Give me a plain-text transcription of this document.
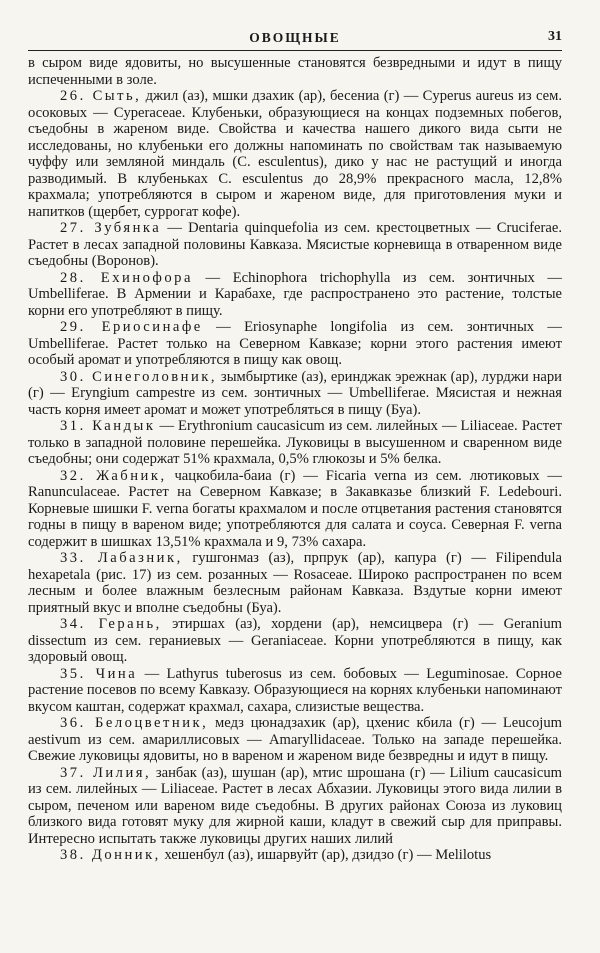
ОВОЩНЫЕ	31

в сыром виде ядовиты, но высушенные становятся безвредными и идут в пищу испеченными в золе.

26. Сыть, джил (аз), мшки дзахик (ар), бесениа (г) — Cyperus aureus из сем. осоковых — Cyperaceae. Клубеньки, образующиеся на концах подземных побегов, съедобны в жареном виде. Свойства и качества нашего дикого вида сыти не исследованы, но клубеньки его должны напоминать по свойствам так называемую чуффу или земляной миндаль (C. esculentus), дико у нас не растущий и иногда разводимый. В клубеньках C. esculentus до 28,9% прекрасного масла, 12,8% крахмала; употребляются в сыром и жареном виде, для приготовления муки и напитков (щербет, суррогат кофе).

27. Зубянка — Dentaria quinquefolia из сем. крестоцветных — Cruciferae. Растет в лесах западной половины Кавказа. Мясистые корневища в отваренном виде съедобны (Воронов).

28. Ехинофора — Echinophora trichophylla из сем. зонтичных — Umbelliferae. В Армении и Карабахе, где распространено это растение, толстые корни его употребляют в пищу.

29. Ериосинафе — Eriosynaphe longifolia из сем. зонтичных — Umbelliferae. Растет только на Северном Кавказе; корни этого растения имеют особый аромат и употребляются в пищу как овощ.

30. Синеголовник, зымбыртике (аз), еринджак эрежнак (ар), лурджи нари (г) — Eryngium campestre из сем. зонтичных — Umbelliferae. Мясистая и нежная часть корня имеет аромат и может употребляться в пищу (Буа).

31. Кандык — Erythronium caucasicum из сем. лилейных — Liliaceae. Растет только в западной половине перешейка. Луковицы в высушенном и сваренном виде съедобны; они содержат 51% крахмала, 0,5% глюкозы и 5% белка.

32. Жабник, чацкобила-баиа (г) — Ficaria verna из сем. лютиковых — Ranunculaceae. Растет на Северном Кавказе; в Закавказье близкий F. Ledebouri. Корневые шишки F. verna богаты крахмалом и после отцветания растения становятся годны в пищу в вареном виде; употребляются для салата и соуса. Северная F. verna содержит в шишках 13,51% крахмала и 9, 73% сахара.

33. Лабазник, гушгонмаз (аз), прпрук (ар), капура (г) — Filipendula hexapetala (рис. 17) из сем. розанных — Rosaceae. Широко распространен по всем лесным и более влажным безлесным районам Кавказа. Вздутые корни имеют приятный вкус и вполне съедобны (Буа).

34. Герань, этиршах (аз), хордени (ар), немсицвера (г) — Geranium dissectum из сем. гераниевых — Geraniaceae. Корни употребляются в пищу, как здоровый овощ.

35. Чина — Lathyrus tuberosus из сем. бобовых — Leguminosae. Сорное растение посевов по всему Кавказу. Образующиеся на корнях клубеньки напоминают вкусом каштан, содержат крахмал, сахара, слизистые вещества.

36. Белоцветник, медз цюнадзахик (ар), цхенис кбила (г) — Leucojum aestivum из сем. амариллисовых — Amaryllidaceae. Только на западе перешейка. Свежие луковицы ядовиты, но в вареном и жареном виде безвредны и идут в пищу.

37. Лилия, занбак (аз), шушан (ар), мтис шрошана (г) — Lilium caucasicum из сем. лилейных — Liliaceae. Растет в лесах Абхазии. Луковицы этого вида лилии в сыром, печеном или вареном виде съедобны. В других районах Союза из луковиц близкого вида готовят муку для жирной каши, кладут в свежий сыр для приправы. Интересно испытать также луковицы других наших лилий

38. Донник, хешенбул (аз), ишарвуйт (ар), дзидзо (г) — Melilotus
